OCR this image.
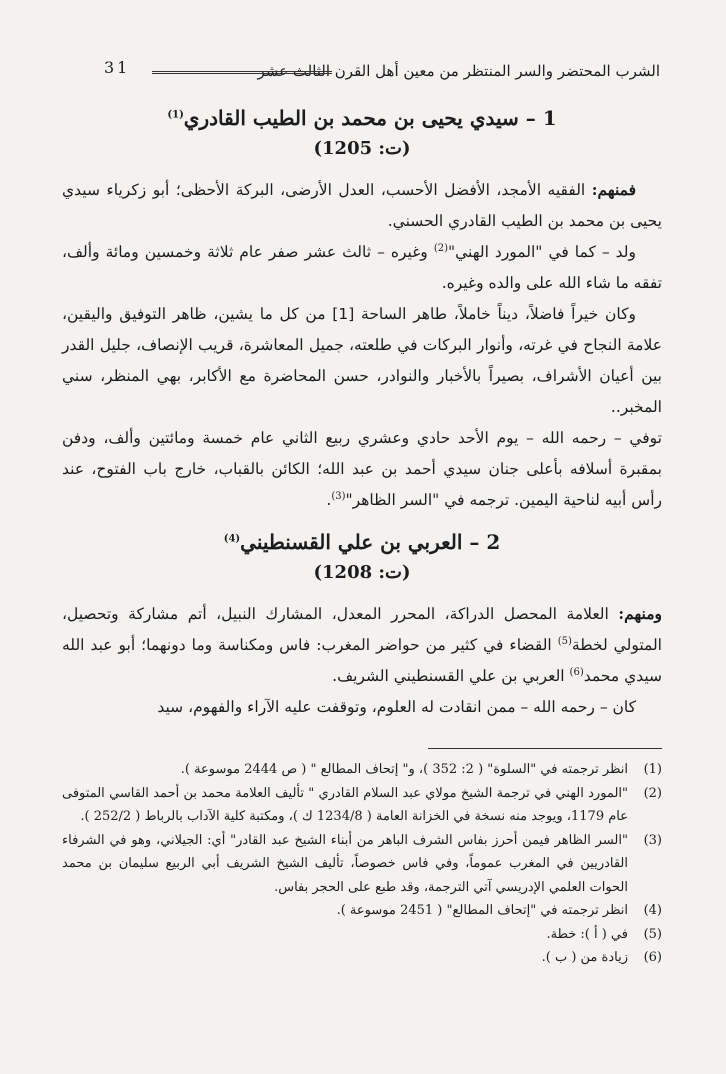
الشرب المحتضر والسر المنتظر من معين أهل القرن الثالث عشر
31
1 – سيدي يحيى بن محمد بن الطيب القادري$^{(1)}$
(ت: 1205)

فمنهم: الفقيه الأمجد، الأفضل الأحسب، العدل الأرضى، البركة الأحظى؛ أبو زكرياء سيدي يحيى بن محمد بن الطيب القادري الحسني.

ولد – كما في "المورد الهني"$^{(2)}$ وغيره – ثالث عشر صفر عام ثلاثة وخمسين ومائة وألف، تفقه ما شاء الله على والده وغيره.

وكان خيراً فاضلاً، ديناً خاملاً، طاهر الساحة [1] من كل ما يشين، ظاهر التوفيق واليقين، علامة النجاح في غرته، وأنوار البركات في طلعته، جميل المعاشرة، قريب الإنصاف، جليل القدر بين أعيان الأشراف، بصيراً بالأخبار والنوادر، حسن المحاضرة مع الأكابر، بهي المنظر، سني المخبر..

توفي – رحمه الله – يوم الأحد حادي وعشري ربيع الثاني عام خمسة ومائتين وألف، ودفن بمقبرة أسلافه بأعلى جنان سيدي أحمد بن عبد الله؛ الكائن بالقباب، خارج باب الفتوح، عند رأس أبيه لناحية اليمين. ترجمه في "السر الظاهر"$^{(3)}$.

2 – العربي بن علي القسنطيني$^{(4)}$
(ت: 1208)

ومنهم: العلامة المحصل الدراكة، المحرر المعدل، المشارك النبيل، أتم مشاركة وتحصيل، المتولي لخطة$^{(5)}$ القضاء في كثير من حواضر المغرب: فاس ومكناسة وما دونهما؛ أبو عبد الله سيدي محمد$^{(6)}$ العربي بن علي القسنطيني الشريف.

كان – رحمه الله – ممن انقادت له العلوم، وتوقفت عليه الآراء والفهوم، سيد

(1)
انظر ترجمته في "السلوة" ( 2: 352 )، و" إتحاف المطالع " ( ص 2444 موسوعة ).

(2)
"المورد الهني في ترجمة الشيخ مولاي عبد السلام القادري " تأليف العلامة محمد بن أحمد القاسي المتوفى عام 1179، ويوجد منه نسخة في الخزانة العامة ( 1234/8 ك )، ومكتبة كلية الآداب بالرباط ( 252/2 ).

(3)
"السر الظاهر فيمن أحرز بفاس الشرف الباهر من أبناء الشيخ عبد القادر" أي: الجيلاني، وهو في الشرفاء القادريين في المغرب عموماً، وفي فاس خصوصاً، تأليف الشيخ الشريف أبي الربيع سليمان بن محمد الحوات العلمي الإدريسي آتي الترجمة، وقد طبع على الحجر بفاس.

(4)
انظر ترجمته في "إتحاف المطالع" ( 2451 موسوعة ).

(5)
في ( أ ): خطة.

(6)
زيادة من ( ب ).
